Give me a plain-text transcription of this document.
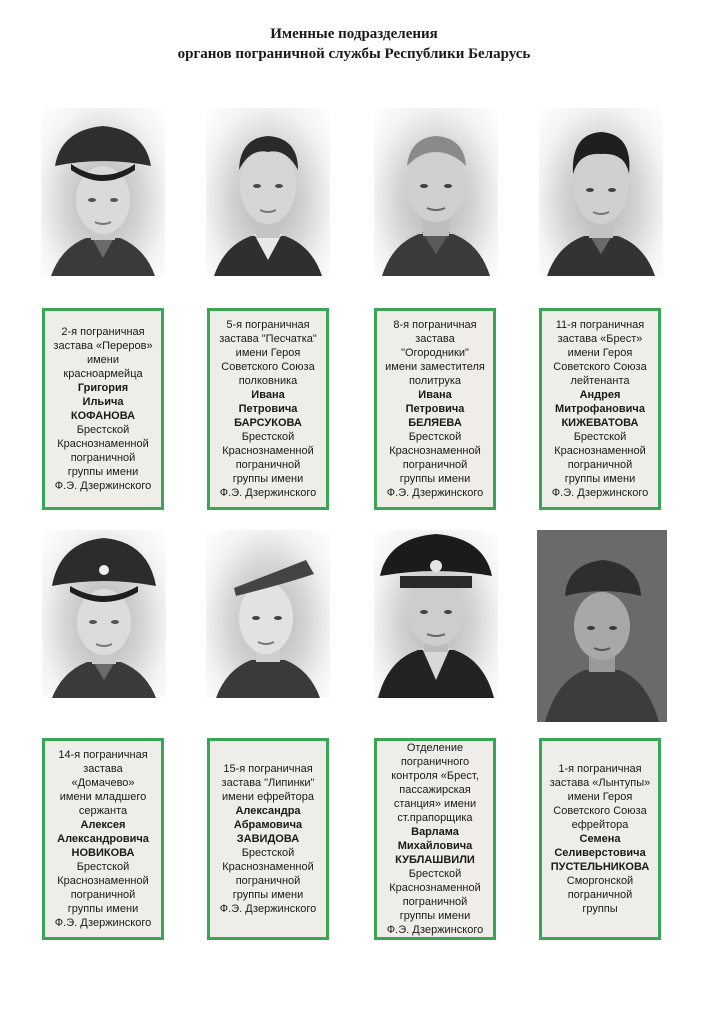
Именные подразделения
органов пограничной службы Республики Беларусь
2-я пограничная
застава «Переров»
имени
красноармейца
Григория
Ильича
КОФАНОВА
Брестской
Краснознаменной
пограничной
группы имени
Ф.Э. Дзержинского
5-я пограничная
застава "Песчатка"
имени Героя
Советского Союза
полковника
Ивана
Петровича
БАРСУКОВА
Брестской
Краснознаменной
пограничной
группы имени
Ф.Э. Дзержинского
8-я пограничная
застава
"Огородники"
имени заместителя
политрука
Ивана
Петровича
БЕЛЯЕВА
Брестской
Краснознаменной
пограничной
группы имени
Ф.Э. Дзержинского
11-я пограничная
застава «Брест»
имени Героя
Советского Союза
лейтенанта
Андрея
Митрофановича
КИЖЕВАТОВА
Брестской
Краснознаменной
пограничной
группы имени
Ф.Э. Дзержинского
14-я пограничная
застава
«Домачево»
имени младшего
сержанта
Алексея
Александровича
НОВИКОВА
Брестской
Краснознаменной
пограничной
группы имени
Ф.Э. Дзержинского
15-я пограничная
застава "Липинки"
имени ефрейтора
Александра
Абрамовича
ЗАВИДОВА
Брестской
Краснознаменной
пограничной
группы имени
Ф.Э. Дзержинского
Отделение
пограничного
контроля «Брест,
пассажирская
станция» имени
ст.прапорщика
Варлама
Михайловича
КУБЛАШВИЛИ
Брестской
Краснознаменной
пограничной
группы имени
Ф.Э. Дзержинского
1-я пограничная
застава «Лынтупы»
имени Героя
Советского Союза
ефрейтора
Семена
Селиверстовича
ПУСТЕЛЬНИКОВА
Сморгонской
пограничной
группы
